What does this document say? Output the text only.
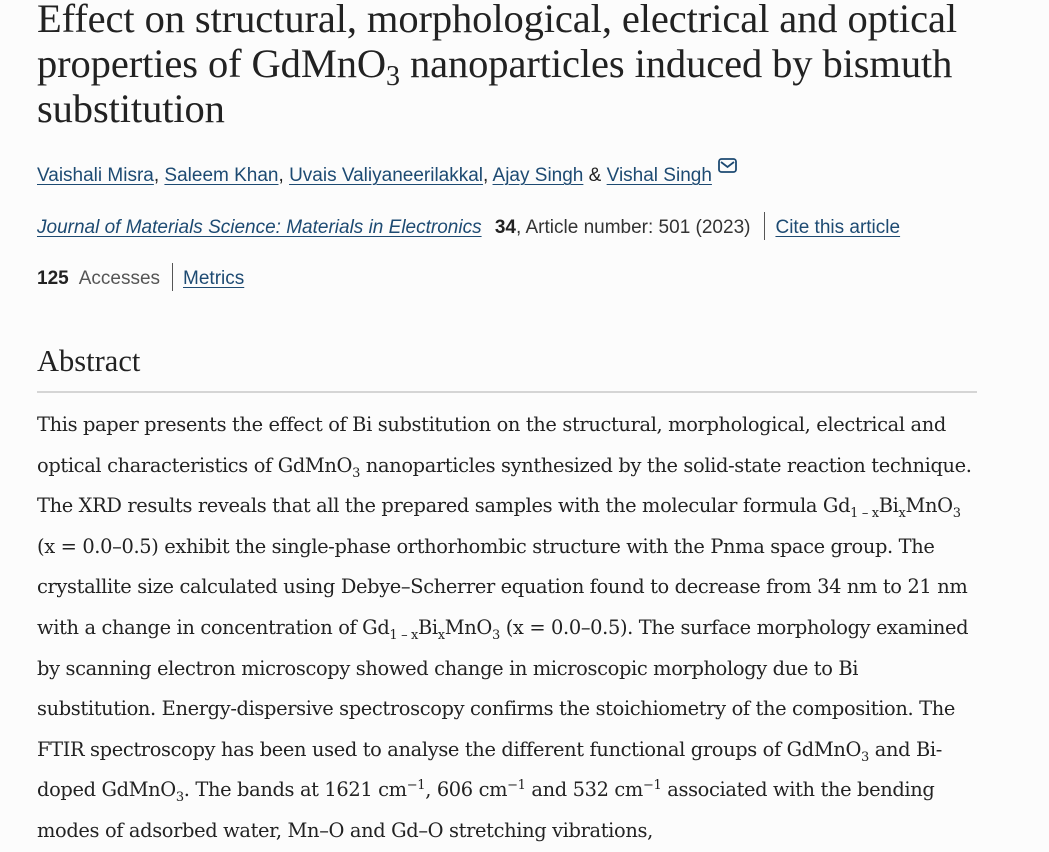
Effect on structural, morphological, electrical and optical properties of GdMnO$_3$ nanoparticles induced by bismuth substitution
Vaishali Misra, Saleem Khan, Uvais Valiyaneerilakkal, Ajay Singh & Vishal Singh
Journal of Materials Science: Materials in Electronics 34, Article number: 501 (2023) Cite this article
125 Accesses Metrics
Abstract

This paper presents the effect of Bi substitution on the structural, morphological, electrical and optical characteristics of GdMnO$_3$ nanoparticles synthesized by the solid-state reaction technique. The XRD results reveals that all the prepared samples with the molecular formula $Gd_{1 - x}Bi_xMnO_3$ (x = 0.0–0.5) exhibit the single-phase orthorhombic structure with the Pnma space group. The crystallite size calculated using Debye–Scherrer equation found to decrease from 34 nm to 21 nm with a change in concentration of $Gd_{1 - x}Bi_xMnO_3$ (x = 0.0–0.5). The surface morphology examined by scanning electron microscopy showed change in microscopic morphology due to Bi substitution. Energy-dispersive spectroscopy confirms the stoichiometry of the composition. The FTIR spectroscopy has been used to analyse the different functional groups of GdMnO$_3$ and Bi-doped GdMnO$_3$. The bands at 1621 $cm^{-1}$, 606 $cm^{-1}$ and 532 $cm^{-1}$ associated with the bending modes of adsorbed water, Mn–O and Gd–O stretching vibrations,
